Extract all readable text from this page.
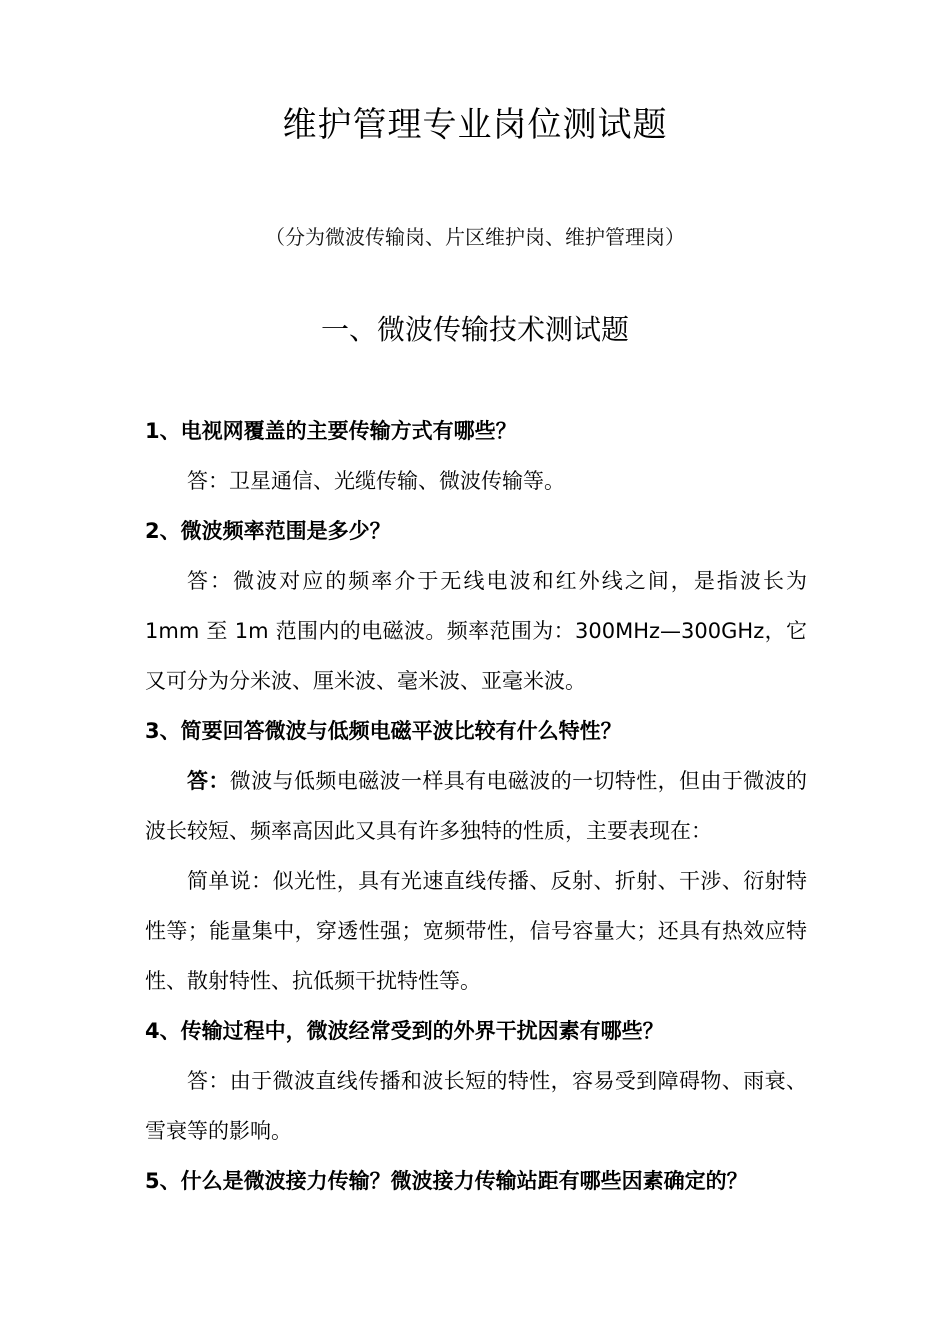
维护管理专业岗位测试题
（分为微波传输岗、片区维护岗、维护管理岗）
一、微波传输技术测试题
1、电视网覆盖的主要传输方式有哪些？
答：卫星通信、光缆传输、微波传输等。
2、微波频率范围是多少？
答：微波对应的频率介于无线电波和红外线之间，是指波长为1mm 至 1m 范围内的电磁波。频率范围为：300MHz—300GHz，它又可分为分米波、厘米波、毫米波、亚毫米波。
3、简要回答微波与低频电磁平波比较有什么特性？
答：微波与低频电磁波一样具有电磁波的一切特性，但由于微波的波长较短、频率高因此又具有许多独特的性质，主要表现在：
简单说：似光性，具有光速直线传播、反射、折射、干涉、衍射特性等；能量集中，穿透性强；宽频带性，信号容量大；还具有热效应特性、散射特性、抗低频干扰特性等。
4、传输过程中，微波经常受到的外界干扰因素有哪些？
答：由于微波直线传播和波长短的特性，容易受到障碍物、雨衰、雪衰等的影响。
5、什么是微波接力传输？微波接力传输站距有哪些因素确定的？
